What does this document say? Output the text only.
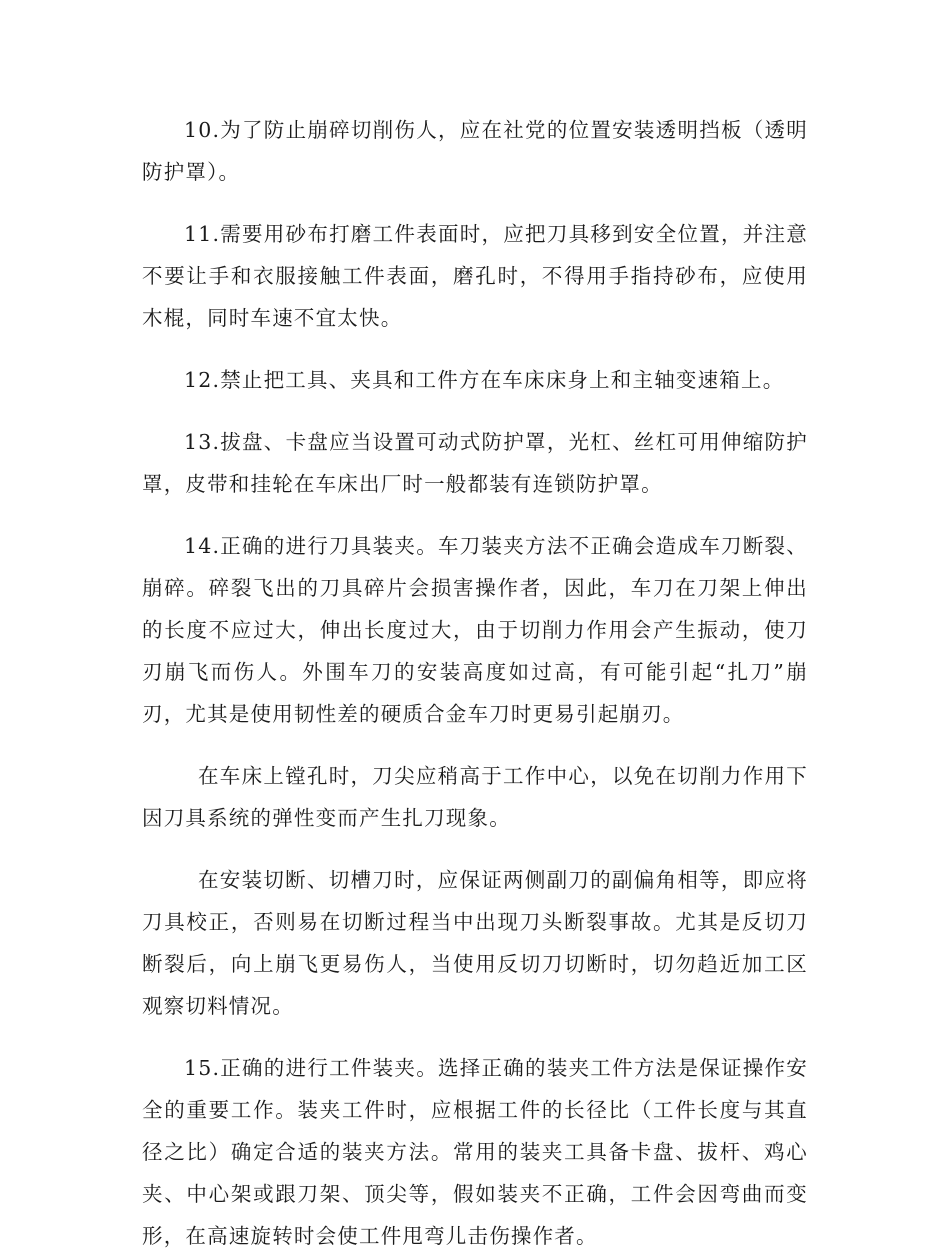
10.为了防止崩碎切削伤人，应在社党的位置安装透明挡板（透明防护罩）。

11.需要用砂布打磨工件表面时，应把刀具移到安全位置，并注意不要让手和衣服接触工件表面，磨孔时，不得用手指持砂布，应使用木棍，同时车速不宜太快。

12.禁止把工具、夹具和工件方在车床床身上和主轴变速箱上。

13.拔盘、卡盘应当设置可动式防护罩，光杠、丝杠可用伸缩防护罩，皮带和挂轮在车床出厂时一般都装有连锁防护罩。

14.正确的进行刀具装夹。车刀装夹方法不正确会造成车刀断裂、崩碎。碎裂飞出的刀具碎片会损害操作者，因此，车刀在刀架上伸出的长度不应过大，伸出长度过大，由于切削力作用会产生振动，使刀刃崩飞而伤人。外围车刀的安装高度如过高，有可能引起“扎刀”崩刃，尤其是使用韧性差的硬质合金车刀时更易引起崩刃。

在车床上镗孔时，刀尖应稍高于工作中心，以免在切削力作用下因刀具系统的弹性变而产生扎刀现象。

在安装切断、切槽刀时，应保证两侧副刀的副偏角相等，即应将刀具校正，否则易在切断过程当中出现刀头断裂事故。尤其是反切刀断裂后，向上崩飞更易伤人，当使用反切刀切断时，切勿趋近加工区观察切料情况。

15.正确的进行工件装夹。选择正确的装夹工件方法是保证操作安全的重要工作。装夹工件时，应根据工件的长径比（工件长度与其直径之比）确定合适的装夹方法。常用的装夹工具备卡盘、拔杆、鸡心夹、中心架或跟刀架、顶尖等，假如装夹不正确，工件会因弯曲而变形，在高速旋转时会使工件甩弯儿击伤操作者。
